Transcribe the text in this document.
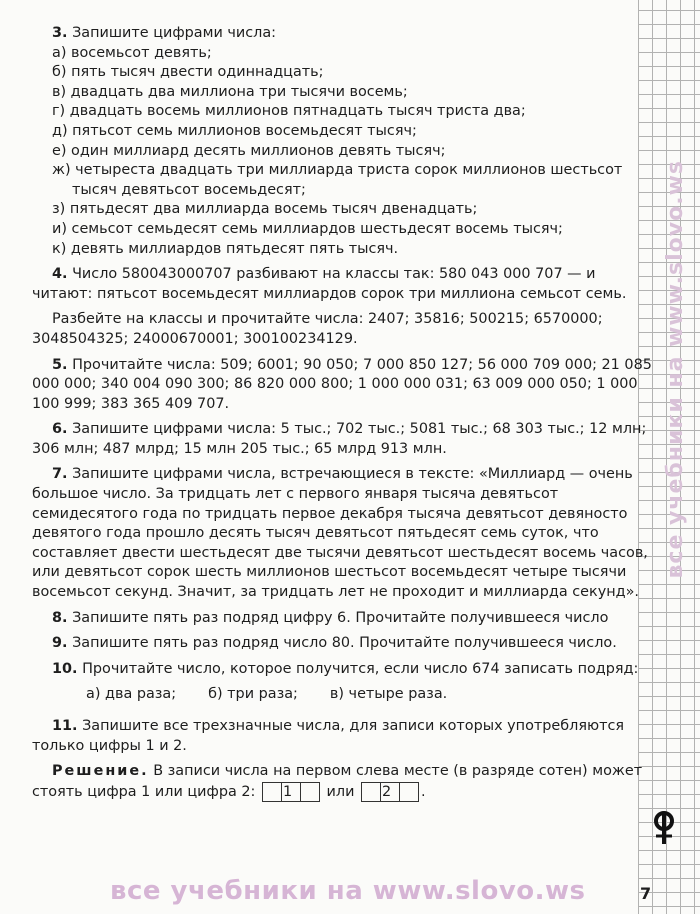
все учебники на www.slovo.ws

3. Запишите цифрами числа:

а) восемьсот девять;
б) пять тысяч двести одиннадцать;
в) двадцать два миллиона три тысячи восемь;
г) двадцать восемь миллионов пятнадцать тысяч триста два;
д) пятьсот семь миллионов восемьдесят тысяч;
е) один миллиард десять миллионов девять тысяч;
ж) четыреста двадцать три миллиарда триста сорок миллионов шестьсот тысяч девятьсот восемьдесят;
з) пятьдесят два миллиарда восемь тысяч двенадцать;
и) семьсот семьдесят семь миллиардов шестьдесят восемь тысяч;
к) девять миллиардов пятьдесят пять тысяч.

4. Число 580043000707 разбивают на классы так: 580 043 000 707 — и читают: пятьсот восемьдесят миллиардов сорок три миллиона семьсот семь.

Разбейте на классы и прочитайте числа: 2407; 35816; 500215; 6570000; 3048504325; 24000670001; 300100234129.

5. Прочитайте числа: 509; 6001; 90 050; 7 000 850 127; 56 000 709 000; 21 085 000 000; 340 004 090 300; 86 820 000 800; 1 000 000 031; 63 009 000 050; 1 000 100 999; 383 365 409 707.

6. Запишите цифрами числа: 5 тыс.; 702 тыс.; 5081 тыс.; 68 303 тыс.; 12 млн; 306 млн; 487 млрд; 15 млн 205 тыс.; 65 млрд 913 млн.

7. Запишите цифрами числа, встречающиеся в тексте: «Миллиард — очень большое число. За тридцать лет с первого января тысяча девятьсот семидесятого года по тридцать первое декабря тысяча девятьсот девяносто девятого года прошло десять тысяч девятьсот пятьдесят семь суток, что составляет двести шестьдесят две тысячи девятьсот шестьдесят восемь часов, или девятьсот сорок шесть миллионов шестьсот восемьдесят четыре тысячи восемьсот секунд. Значит, за тридцать лет не проходит и миллиарда секунд».

8. Запишите пять раз подряд цифру 6. Прочитайте получившееся число

9. Запишите пять раз подряд число 80. Прочитайте получившееся число.

10. Прочитайте число, которое получится, если число 674 записать подряд:

а) два раза; б) три раза; в) четыре раза.

11. Запишите все трехзначные числа, для записи которых употребляются только цифры 1 и 2.

Решение. В записи числа на первом слева месте (в разряде сотен) может стоять цифра 1 или цифра 2:	1 или	2 .

все учебники на www.slovo.ws	7
